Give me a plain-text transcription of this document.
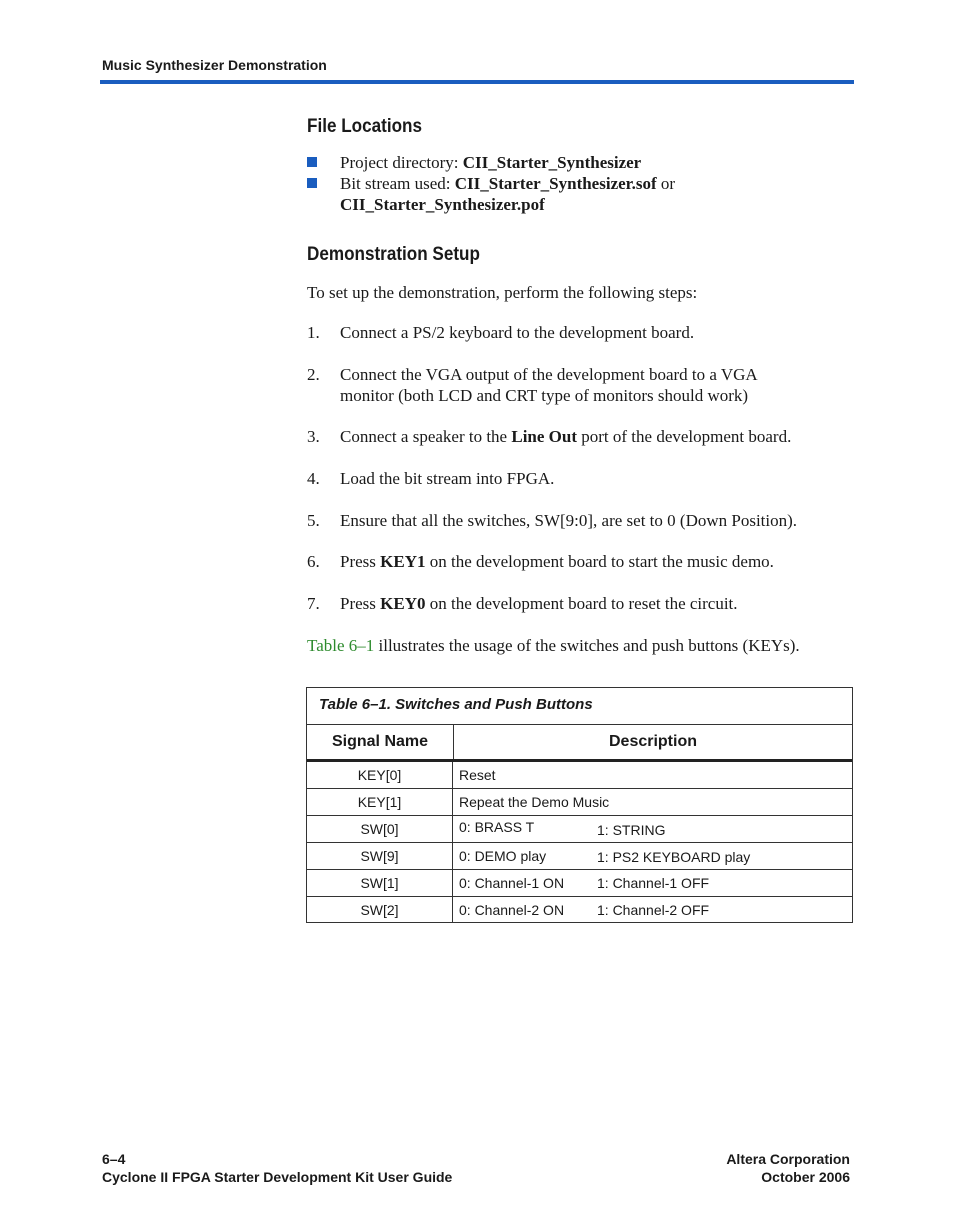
Music Synthesizer Demonstration
File Locations
Project directory: CII_Starter_Synthesizer
Bit stream used: CII_Starter_Synthesizer.sof or
CII_Starter_Synthesizer.pof
Demonstration Setup
To set up the demonstration, perform the following steps:
1. Connect a PS/2 keyboard to the development board.
2. Connect the VGA output of the development board to a VGA
monitor (both LCD and CRT type of monitors should work)
3. Connect a speaker to the Line Out port of the development board.
4. Load the bit stream into FPGA.
5. Ensure that all the switches, SW[9:0], are set to 0 (Down Position).
6. Press KEY1 on the development board to start the music demo.
7. Press KEY0 on the development board to reset the circuit.
Table 6–1 illustrates the usage of the switches and push buttons (KEYs).
Table 6–1. Switches and Push Buttons
Signal Name	Description
KEY[0]	Reset
KEY[1]	Repeat the Demo Music
SW[0]	0: BRASS T	1: STRING
SW[9]	0: DEMO play	1: PS2 KEYBOARD play
SW[1]	0: Channel-1 ON 1: Channel-1 OFF
SW[2]	0: Channel-2 ON 1: Channel-2 OFF
6–4
Cyclone II FPGA Starter Development Kit User Guide
Altera Corporation
October 2006
